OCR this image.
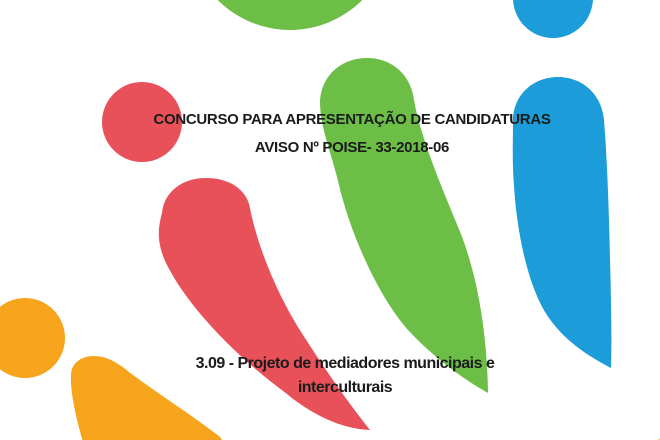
CONCURSO PARA APRESENTAÇÃO DE CANDIDATURAS
AVISO Nº POISE- 33-2018-06
3.09 - Projeto de mediadores municipais e
interculturais
